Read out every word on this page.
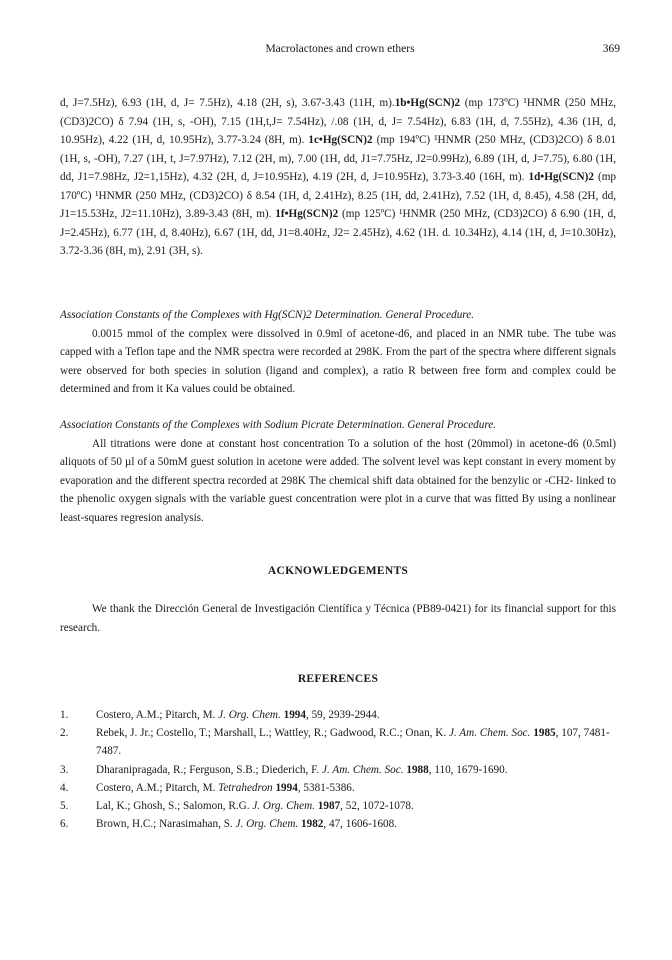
Macrolactones and crown ethers	369

d, J=7.5Hz), 6.93 (1H, d, J= 7.5Hz), 4.18 (2H, s), 3.67-3.43 (11H, m).1b•Hg(SCN)2 (mp 173ºC) ¹HNMR (250 MHz, (CD3)2CO) δ 7.94 (1H, s, -OH), 7.15 (1H,t,J= 7.54Hz), /.08 (1H, d, J= 7.54Hz), 6.83 (1H, d, 7.55Hz), 4.36 (1H, d, 10.95Hz), 4.22 (1H, d, 10.95Hz), 3.77-3.24 (8H, m). 1c•Hg(SCN)2 (mp 194ºC) ¹HNMR (250 MHz, (CD3)2CO) δ 8.01 (1H, s, -OH), 7.27 (1H, t, J=7.97Hz), 7.12 (2H, m), 7.00 (1H, dd, J1=7.75Hz, J2=0.99Hz), 6.89 (1H, d, J=7.75), 6.80 (1H, dd, J1=7.98Hz, J2=1,15Hz), 4.32 (2H, d, J=10.95Hz), 4.19 (2H, d, J=10.95Hz), 3.73-3.40 (16H, m). 1d•Hg(SCN)2 (mp 170ºC) ¹HNMR (250 MHz, (CD3)2CO) δ 8.54 (1H, d, 2.41Hz), 8.25 (1H, dd, 2.41Hz), 7.52 (1H, d, 8.45), 4.58 (2H, dd, J1=15.53Hz, J2=11.10Hz), 3.89-3.43 (8H, m). 1f•Hg(SCN)2 (mp 125ºC) ¹HNMR (250 MHz, (CD3)2CO) δ 6.90 (1H, d, J=2.45Hz), 6.77 (1H, d, 8.40Hz), 6.67 (1H, dd, J1=8.40Hz, J2= 2.45Hz), 4.62 (1H. d. 10.34Hz), 4.14 (1H, d, J=10.30Hz), 3.72-3.36 (8H, m), 2.91 (3H, s).

Association Constants of the Complexes with Hg(SCN)2 Determination. General Procedure.

0.0015 mmol of the complex were dissolved in 0.9ml of acetone-d6, and placed in an NMR tube. The tube was capped with a Teflon tape and the NMR spectra were recorded at 298K. From the part of the spectra where different signals were observed for both species in solution (ligand and complex), a ratio R between free form and complex could be determined and from it Ka values could be obtained.

Association Constants of the Complexes with Sodium Picrate Determination. General Procedure.

All titrations were done at constant host concentration To a solution of the host (20mmol) in acetone-d6 (0.5ml) aliquots of 50 µl of a 50mM guest solution in acetone were added. The solvent level was kept constant in every moment by evaporation and the different spectra recorded at 298K The chemical shift data obtained for the benzylic or -CH2- linked to the phenolic oxygen signals with the variable guest concentration were plot in a curve that was fitted By using a nonlinear least-squares regresion analysis.

ACKNOWLEDGEMENTS

We thank the Dirección General de Investigación Científica y Técnica (PB89-0421) for its financial support for this research.

REFERENCES
1.	Costero, A.M.; Pitarch, M. J. Org. Chem. 1994, 59, 2939-2944.
2.	Rebek, J. Jr.; Costello, T.; Marshall, L.; Wattley, R.; Gadwood, R.C.; Onan, K. J. Am. Chem. Soc. 1985, 107, 7481-7487.
3.	Dharanipragada, R.; Ferguson, S.B.; Diederich, F. J. Am. Chem. Soc. 1988, 110, 1679-1690.
4.	Costero, A.M.; Pitarch, M. Tetrahedron 1994, 5381-5386.
5.	Lal, K.; Ghosh, S.; Salomon, R.G. J. Org. Chem. 1987, 52, 1072-1078.
6.	Brown, H.C.; Narasimahan, S. J. Org. Chem. 1982, 47, 1606-1608.
